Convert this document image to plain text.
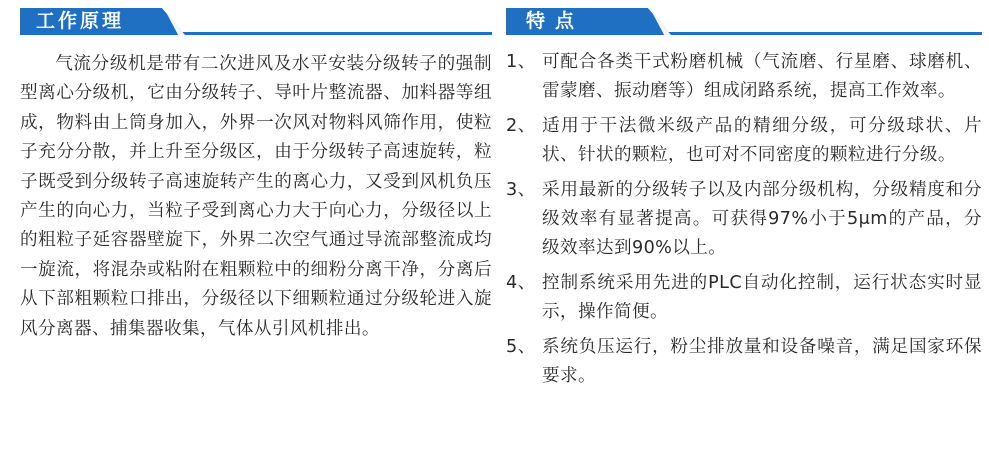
工作原理

气流分级机是带有二次进风及水平安装分级转子的强制型离心分级机，它由分级转子、导叶片整流器、加料器等组成，物料由上筒身加入，外界一次风对物料风筛作用，使粒子充分分散，并上升至分级区，由于分级转子高速旋转，粒子既受到分级转子高速旋转产生的离心力，又受到风机负压产生的向心力，当粒子受到离心力大于向心力，分级径以上的粗粒子延容器壁旋下，外界二次空气通过导流部整流成均一旋流，将混杂或粘附在粗颗粒中的细粉分离干净，分离后从下部粗颗粒口排出，分级径以下细颗粒通过分级轮进入旋风分离器、捕集器收集，气体从引风机排出。

特点
1、 可配合各类干式粉磨机械（气流磨、行星磨、球磨机、雷蒙磨、振动磨等）组成闭路系统，提高工作效率。
2、 适用于干法微米级产品的精细分级，可分级球状、片状、针状的颗粒，也可对不同密度的颗粒进行分级。
3、 采用最新的分级转子以及内部分级机构，分级精度和分级效率有显著提高。可获得97%小于5μm的产品，分级效率达到90%以上。
4、 控制系统采用先进的PLC自动化控制，运行状态实时显示，操作简便。
5、 系统负压运行，粉尘排放量和设备噪音，满足国家环保要求。
